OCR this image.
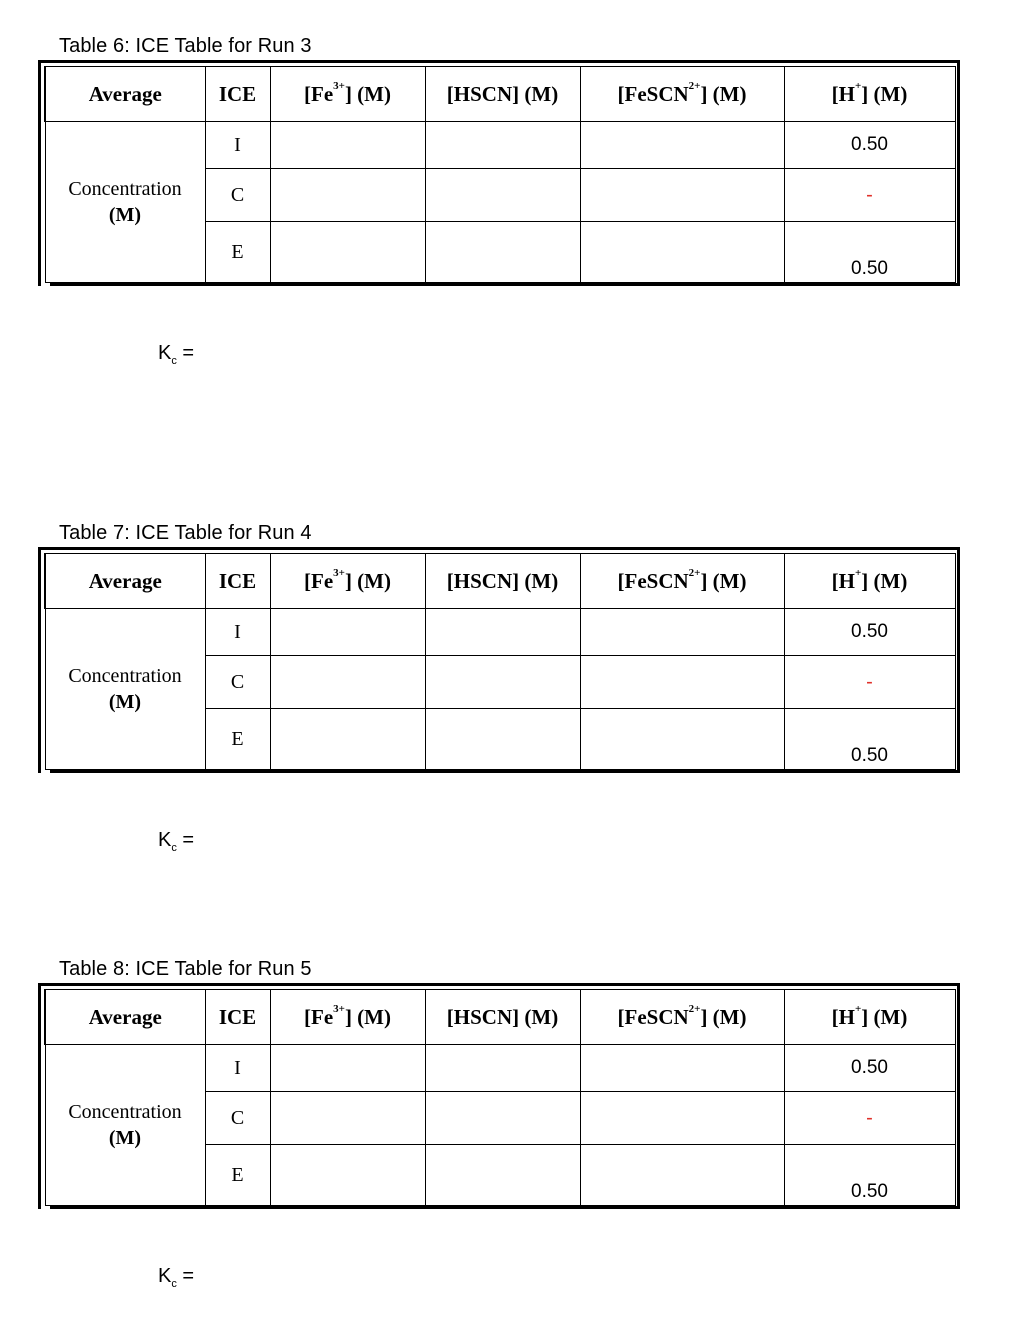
Table 6: ICE Table for Run 3
Average	ICE	$[Fe^{3+}]$ (M)	[HSCN] (M)	[FeSCN$^{2+}$] (M)	[H+] (M)

Concentration
(M)	I				0.50
	C				-
	E				0.50
$K_c$ =
Table 7: ICE Table for Run 4
Average	ICE	$[Fe^{3+}]$ (M)	[HSCN] (M)	[FeSCN$^{2+}$] (M)	[H+] (M)

Concentration
(M)	I				0.50
	C				-
	E				0.50
$K_c$ =
Table 8: ICE Table for Run 5
Average	ICE	$[Fe^{3+}]$ (M)	[HSCN] (M)	[FeSCN$^{2+}$] (M)	[H+] (M)

Concentration
(M)	I				0.50
	C				-
	E				0.50
$K_c$ =
